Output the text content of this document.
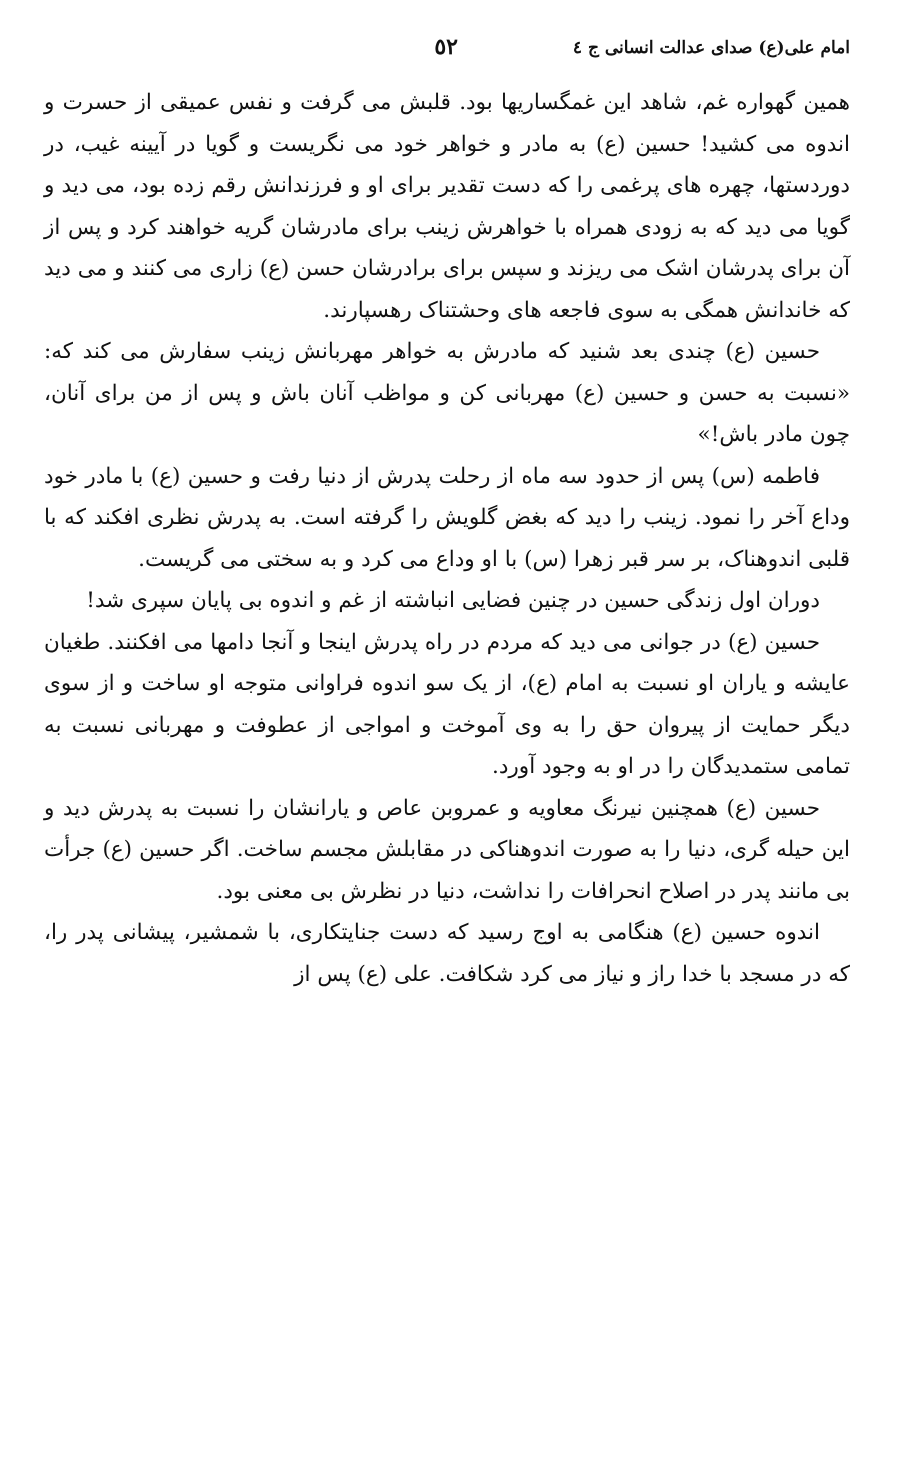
امام علی(ع) صدای عدالت انسانی ج ٤
٥٢

همین گهواره غم، شاهد این غمگساریها بود. قلبش می گرفت و نفس عمیقی از حسرت و اندوه می کشید! حسین (ع) به مادر و خواهر خود می نگریست و گویا در آیینه غیب، در دوردستها، چهره های پرغمی را که دست تقدیر برای او و فرزندانش رقم زده بود، می دید و گویا می دید که به زودی همراه با خواهرش زینب برای مادرشان گریه خواهند کرد و پس از آن برای پدرشان اشک می ریزند و سپس برای برادرشان حسن (ع) زاری می کنند و می دید که خاندانش همگی به سوی فاجعه های وحشتناک رهسپارند.

حسین (ع) چندی بعد شنید که مادرش به خواهر مهربانش زینب سفارش می کند که: «نسبت به حسن و حسین (ع) مهربانی کن و مواظب آنان باش و پس از من برای آنان، چون مادر باش!»

فاطمه (س) پس از حدود سه ماه از رحلت پدرش از دنیا رفت و حسین (ع) با مادر خود وداع آخر را نمود. زینب را دید که بغض گلویش را گرفته است. به پدرش نظری افکند که با قلبی اندوهناک، بر سر قبر زهرا (س) با او وداع می کرد و به سختی می گریست.

دوران اول زندگی حسین در چنین فضایی انباشته از غم و اندوه بی پایان سپری شد!

حسین (ع) در جوانی می دید که مردم در راه پدرش اینجا و آنجا دامها می افکنند. طغیان عایشه و یاران او نسبت به امام (ع)، از یک سو اندوه فراوانی متوجه او ساخت و از سوی دیگر حمایت از پیروان حق را به وی آموخت و امواجی از عطوفت و مهربانی نسبت به تمامی ستمدیدگان را در او به وجود آورد.

حسین (ع) همچنین نیرنگ معاویه و عمروبن عاص و یارانشان را نسبت به پدرش دید و این حیله گری، دنیا را به صورت اندوهناکی در مقابلش مجسم ساخت. اگر حسین (ع) جرأت بی مانند پدر در اصلاح انحرافات را نداشت، دنیا در نظرش بی معنی بود.

اندوه حسین (ع) هنگامی به اوج رسید که دست جنایتکاری، با شمشیر، پیشانی پدر را، که در مسجد با خدا راز و نیاز می کرد شکافت. علی (ع) پس از
